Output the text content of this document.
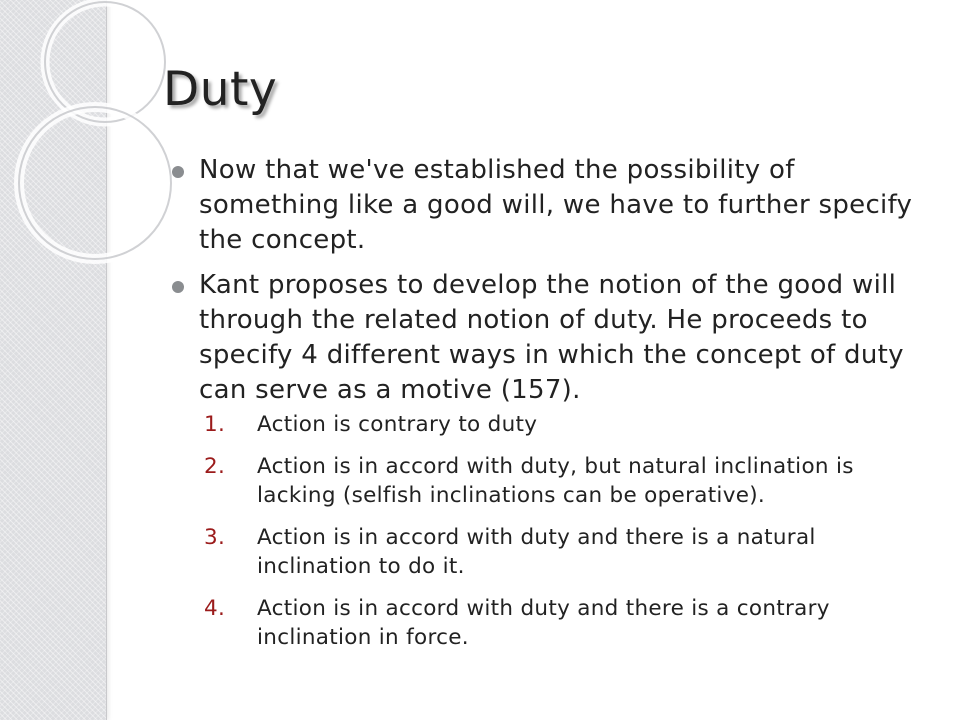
Duty
Now that we've established the possibility of something like a good will, we have to further specify the concept.
Kant proposes to develop the notion of the good will through the related notion of duty. He proceeds to specify 4 different ways in which the concept of duty can serve as a motive (157).
1. Action is contrary to duty
2. Action is in accord with duty, but natural inclination is lacking (selfish inclinations can be operative).
3. Action is in accord with duty and there is a natural inclination to do it.
4. Action is in accord with duty and there is a contrary inclination in force.
